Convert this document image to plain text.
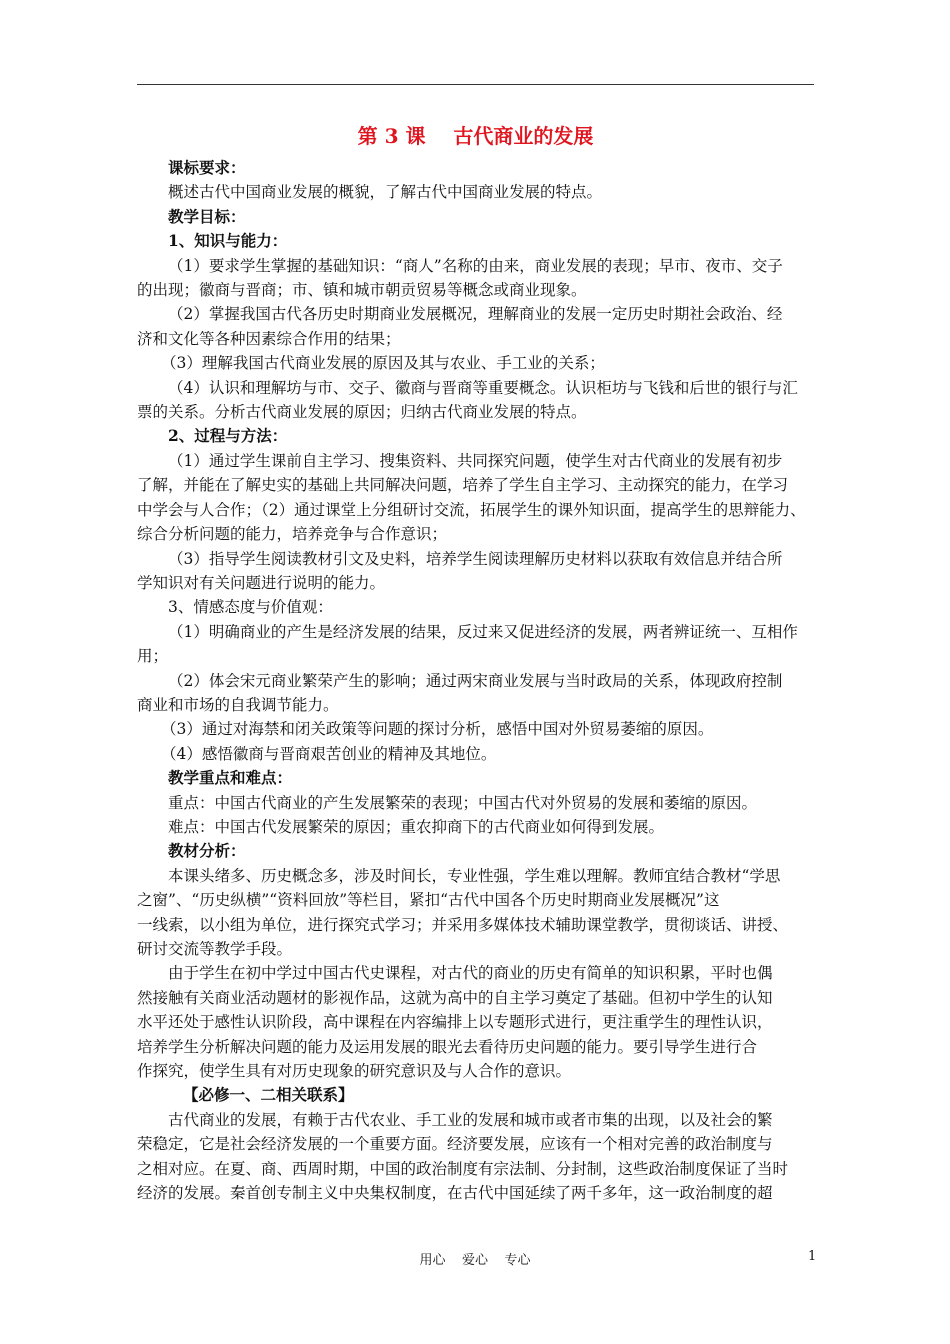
第 3 课    古代商业的发展
课标要求：
概述古代中国商业发展的概貌，了解古代中国商业发展的特点。
教学目标：
1、知识与能力：
（1）要求学生掌握的基础知识：“商人”名称的由来，商业发展的表现；早市、夜市、交子
的出现；徽商与晋商；市、镇和城市朝贡贸易等概念或商业现象。
（2）掌握我国古代各历史时期商业发展概况，理解商业的发展一定历史时期社会政治、经
济和文化等各种因素综合作用的结果；
（3）理解我国古代商业发展的原因及其与农业、手工业的关系；
（4）认识和理解坊与市、交子、徽商与晋商等重要概念。认识柜坊与飞钱和后世的银行与汇
票的关系。分析古代商业发展的原因；归纳古代商业发展的特点。
2、过程与方法：
（1）通过学生课前自主学习、搜集资料、共同探究问题，使学生对古代商业的发展有初步
了解，并能在了解史实的基础上共同解决问题，培养了学生自主学习、主动探究的能力，在学习
中学会与人合作；（2）通过课堂上分组研讨交流，拓展学生的课外知识面，提高学生的思辩能力、
综合分析问题的能力，培养竞争与合作意识；
（3）指导学生阅读教材引文及史料，培养学生阅读理解历史材料以获取有效信息并结合所
学知识对有关问题进行说明的能力。
3、情感态度与价值观：
（1）明确商业的产生是经济发展的结果，反过来又促进经济的发展，两者辨证统一、互相作
用；
（2）体会宋元商业繁荣产生的影响；通过两宋商业发展与当时政局的关系，体现政府控制
商业和市场的自我调节能力。
（3）通过对海禁和闭关政策等问题的探讨分析，感悟中国对外贸易萎缩的原因。
（4）感悟徽商与晋商艰苦创业的精神及其地位。
教学重点和难点：
重点：中国古代商业的产生发展繁荣的表现；中国古代对外贸易的发展和萎缩的原因。
难点：中国古代发展繁荣的原因；重农抑商下的古代商业如何得到发展。
教材分析：
本课头绪多、历史概念多，涉及时间长，专业性强，学生难以理解。教师宜结合教材“学思
之窗”、“历史纵横”“资料回放”等栏目，紧扣“古代中国各个历史时期商业发展概况”这
一线索，以小组为单位，进行探究式学习；并采用多媒体技术辅助课堂教学，贯彻谈话、讲授、
研讨交流等教学手段。
由于学生在初中学过中国古代史课程，对古代的商业的历史有简单的知识积累，平时也偶
然接触有关商业活动题材的影视作品，这就为高中的自主学习奠定了基础。但初中学生的认知
水平还处于感性认识阶段，高中课程在内容编排上以专题形式进行，更注重学生的理性认识，
培养学生分析解决问题的能力及运用发展的眼光去看待历史问题的能力。要引导学生进行合
作探究，使学生具有对历史现象的研究意识及与人合作的意识。
【必修一、二相关联系】
古代商业的发展，有赖于古代农业、手工业的发展和城市或者市集的出现，以及社会的繁
荣稳定，它是社会经济发展的一个重要方面。经济要发展，应该有一个相对完善的政治制度与
之相对应。在夏、商、西周时期，中国的政治制度有宗法制、分封制，这些政治制度保证了当时
经济的发展。秦首创专制主义中央集权制度，在古代中国延续了两千多年，这一政治制度的超
用心    爱心    专心	1
